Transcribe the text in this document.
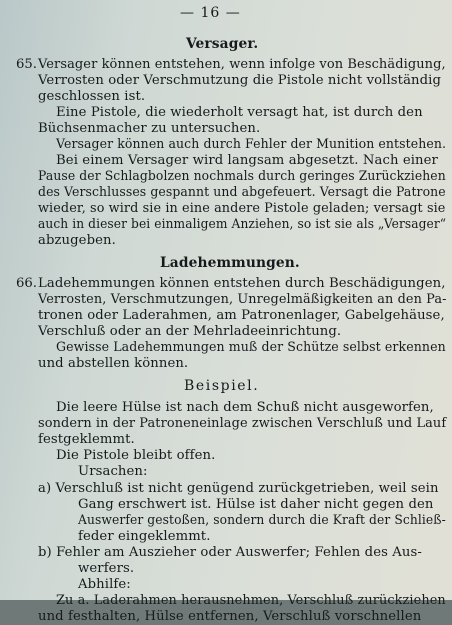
— 16 —
Versager.
65. Versager können entstehen, wenn infolge von Beschädigung,
Verrosten oder Verschmutzung die Pistole nicht vollständig
geschlossen ist.
Eine Pistole, die wiederholt versagt hat, ist durch den
Büchsenmacher zu untersuchen.
Versager können auch durch Fehler der Munition entstehen.
Bei einem Versager wird langsam abgesetzt. Nach einer
Pause der Schlagbolzen nochmals durch geringes Zurückziehen
des Verschlusses gespannt und abgefeuert. Versagt die Patrone
wieder, so wird sie in eine andere Pistole geladen; versagt sie
auch in dieser bei einmaligem Anziehen, so ist sie als „Versager“
abzugeben.
Ladehemmungen.
66. Ladehemmungen können entstehen durch Beschädigungen,
Verrosten, Verschmutzungen, Unregelmäßigkeiten an den Pa-
tronen oder Laderahmen, am Patronenlager, Gabelgehäuse,
Verschluß oder an der Mehrladeeinrichtung.
Gewisse Ladehemmungen muß der Schütze selbst erkennen
und abstellen können.
Beispiel.
Die leere Hülse ist nach dem Schuß nicht ausgeworfen,
sondern in der Patroneneinlage zwischen Verschluß und Lauf
festgeklemmt.
Die Pistole bleibt offen.
Ursachen:
a) Verschluß ist nicht genügend zurückgetrieben, weil sein
Gang erschwert ist. Hülse ist daher nicht gegen den
Auswerfer gestoßen, sondern durch die Kraft der Schließ-
feder eingeklemmt.
b) Fehler am Auszieher oder Auswerfer; Fehlen des Aus-
werfers.
Abhilfe:
Zu a. Laderahmen herausnehmen, Verschluß zurückziehen
und festhalten, Hülse entfernen, Verschluß vorschnellen
